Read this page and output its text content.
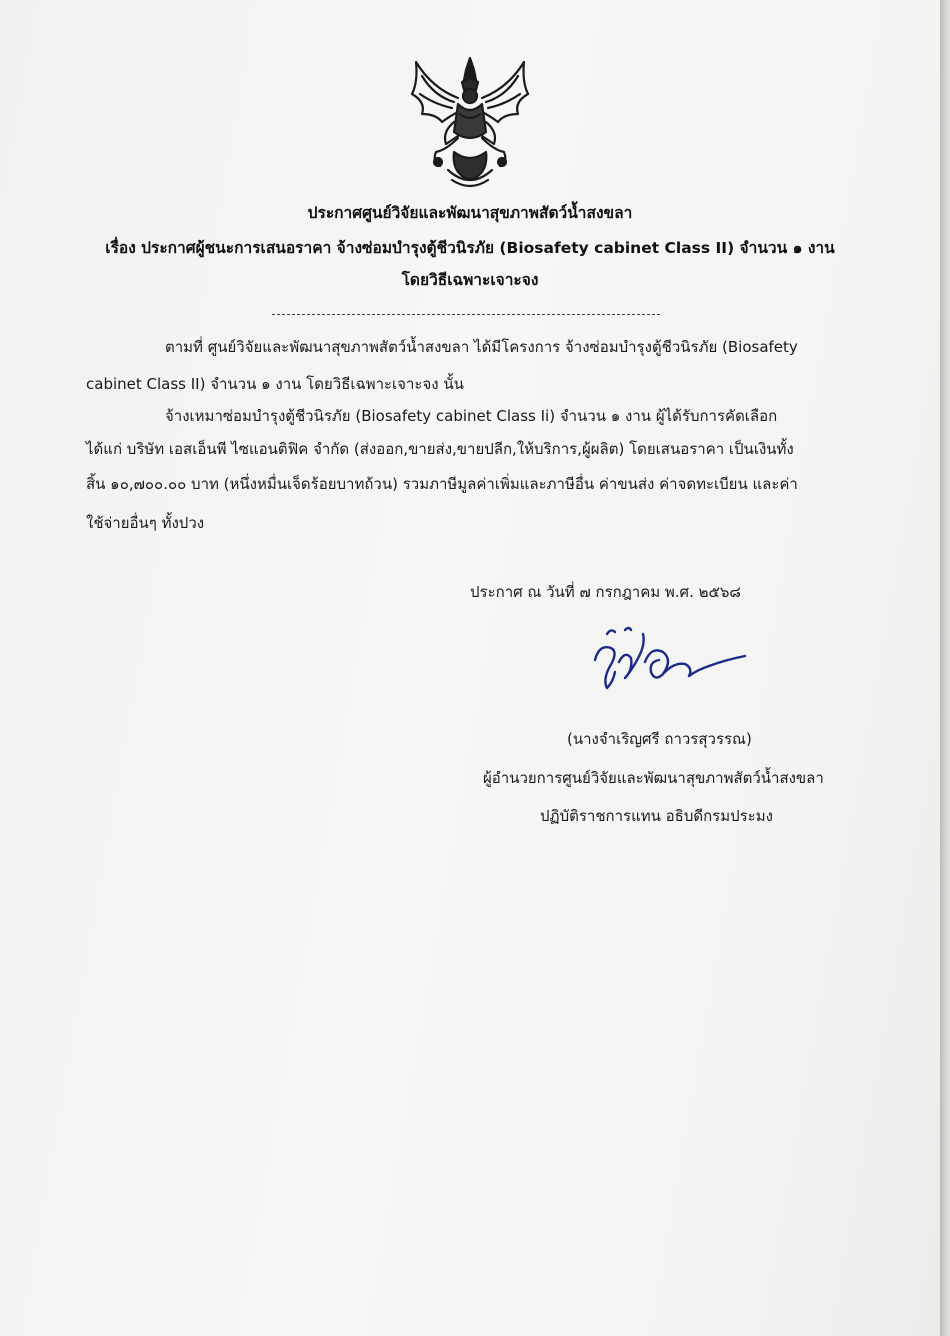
ประกาศศูนย์วิจัยและพัฒนาสุขภาพสัตว์น้ำสงขลา
เรื่อง ประกาศผู้ชนะการเสนอราคา จ้างซ่อมบำรุงตู้ชีวนิรภัย (Biosafety cabinet Class II) จำนวน ๑ งาน
โดยวิธีเฉพาะเจาะจง
ตามที่ ศูนย์วิจัยและพัฒนาสุขภาพสัตว์น้ำสงขลา ได้มีโครงการ จ้างซ่อมบำรุงตู้ชีวนิรภัย (Biosafety
cabinet Class II) จำนวน ๑ งาน โดยวิธีเฉพาะเจาะจง นั้น
จ้างเหมาซ่อมบำรุงตู้ชีวนิรภัย (Biosafety cabinet Class Ii) จำนวน ๑ งาน ผู้ได้รับการคัดเลือก
ได้แก่ บริษัท เอสเอ็นพี ไซแอนติฟิค จำกัด (ส่งออก,ขายส่ง,ขายปลีก,ให้บริการ,ผู้ผลิต) โดยเสนอราคา เป็นเงินทั้ง
สิ้น ๑๐,๗๐๐.๐๐ บาท (หนึ่งหมื่นเจ็ดร้อยบาทถ้วน) รวมภาษีมูลค่าเพิ่มและภาษีอื่น ค่าขนส่ง ค่าจดทะเบียน และค่า
ใช้จ่ายอื่นๆ ทั้งปวง
ประกาศ ณ วันที่ ๗ กรกฎาคม พ.ศ. ๒๕๖๘
(นางจำเริญศรี ถาวรสุวรรณ)
ผู้อำนวยการศูนย์วิจัยและพัฒนาสุขภาพสัตว์น้ำสงขลา
ปฏิบัติราชการแทน อธิบดีกรมประมง
